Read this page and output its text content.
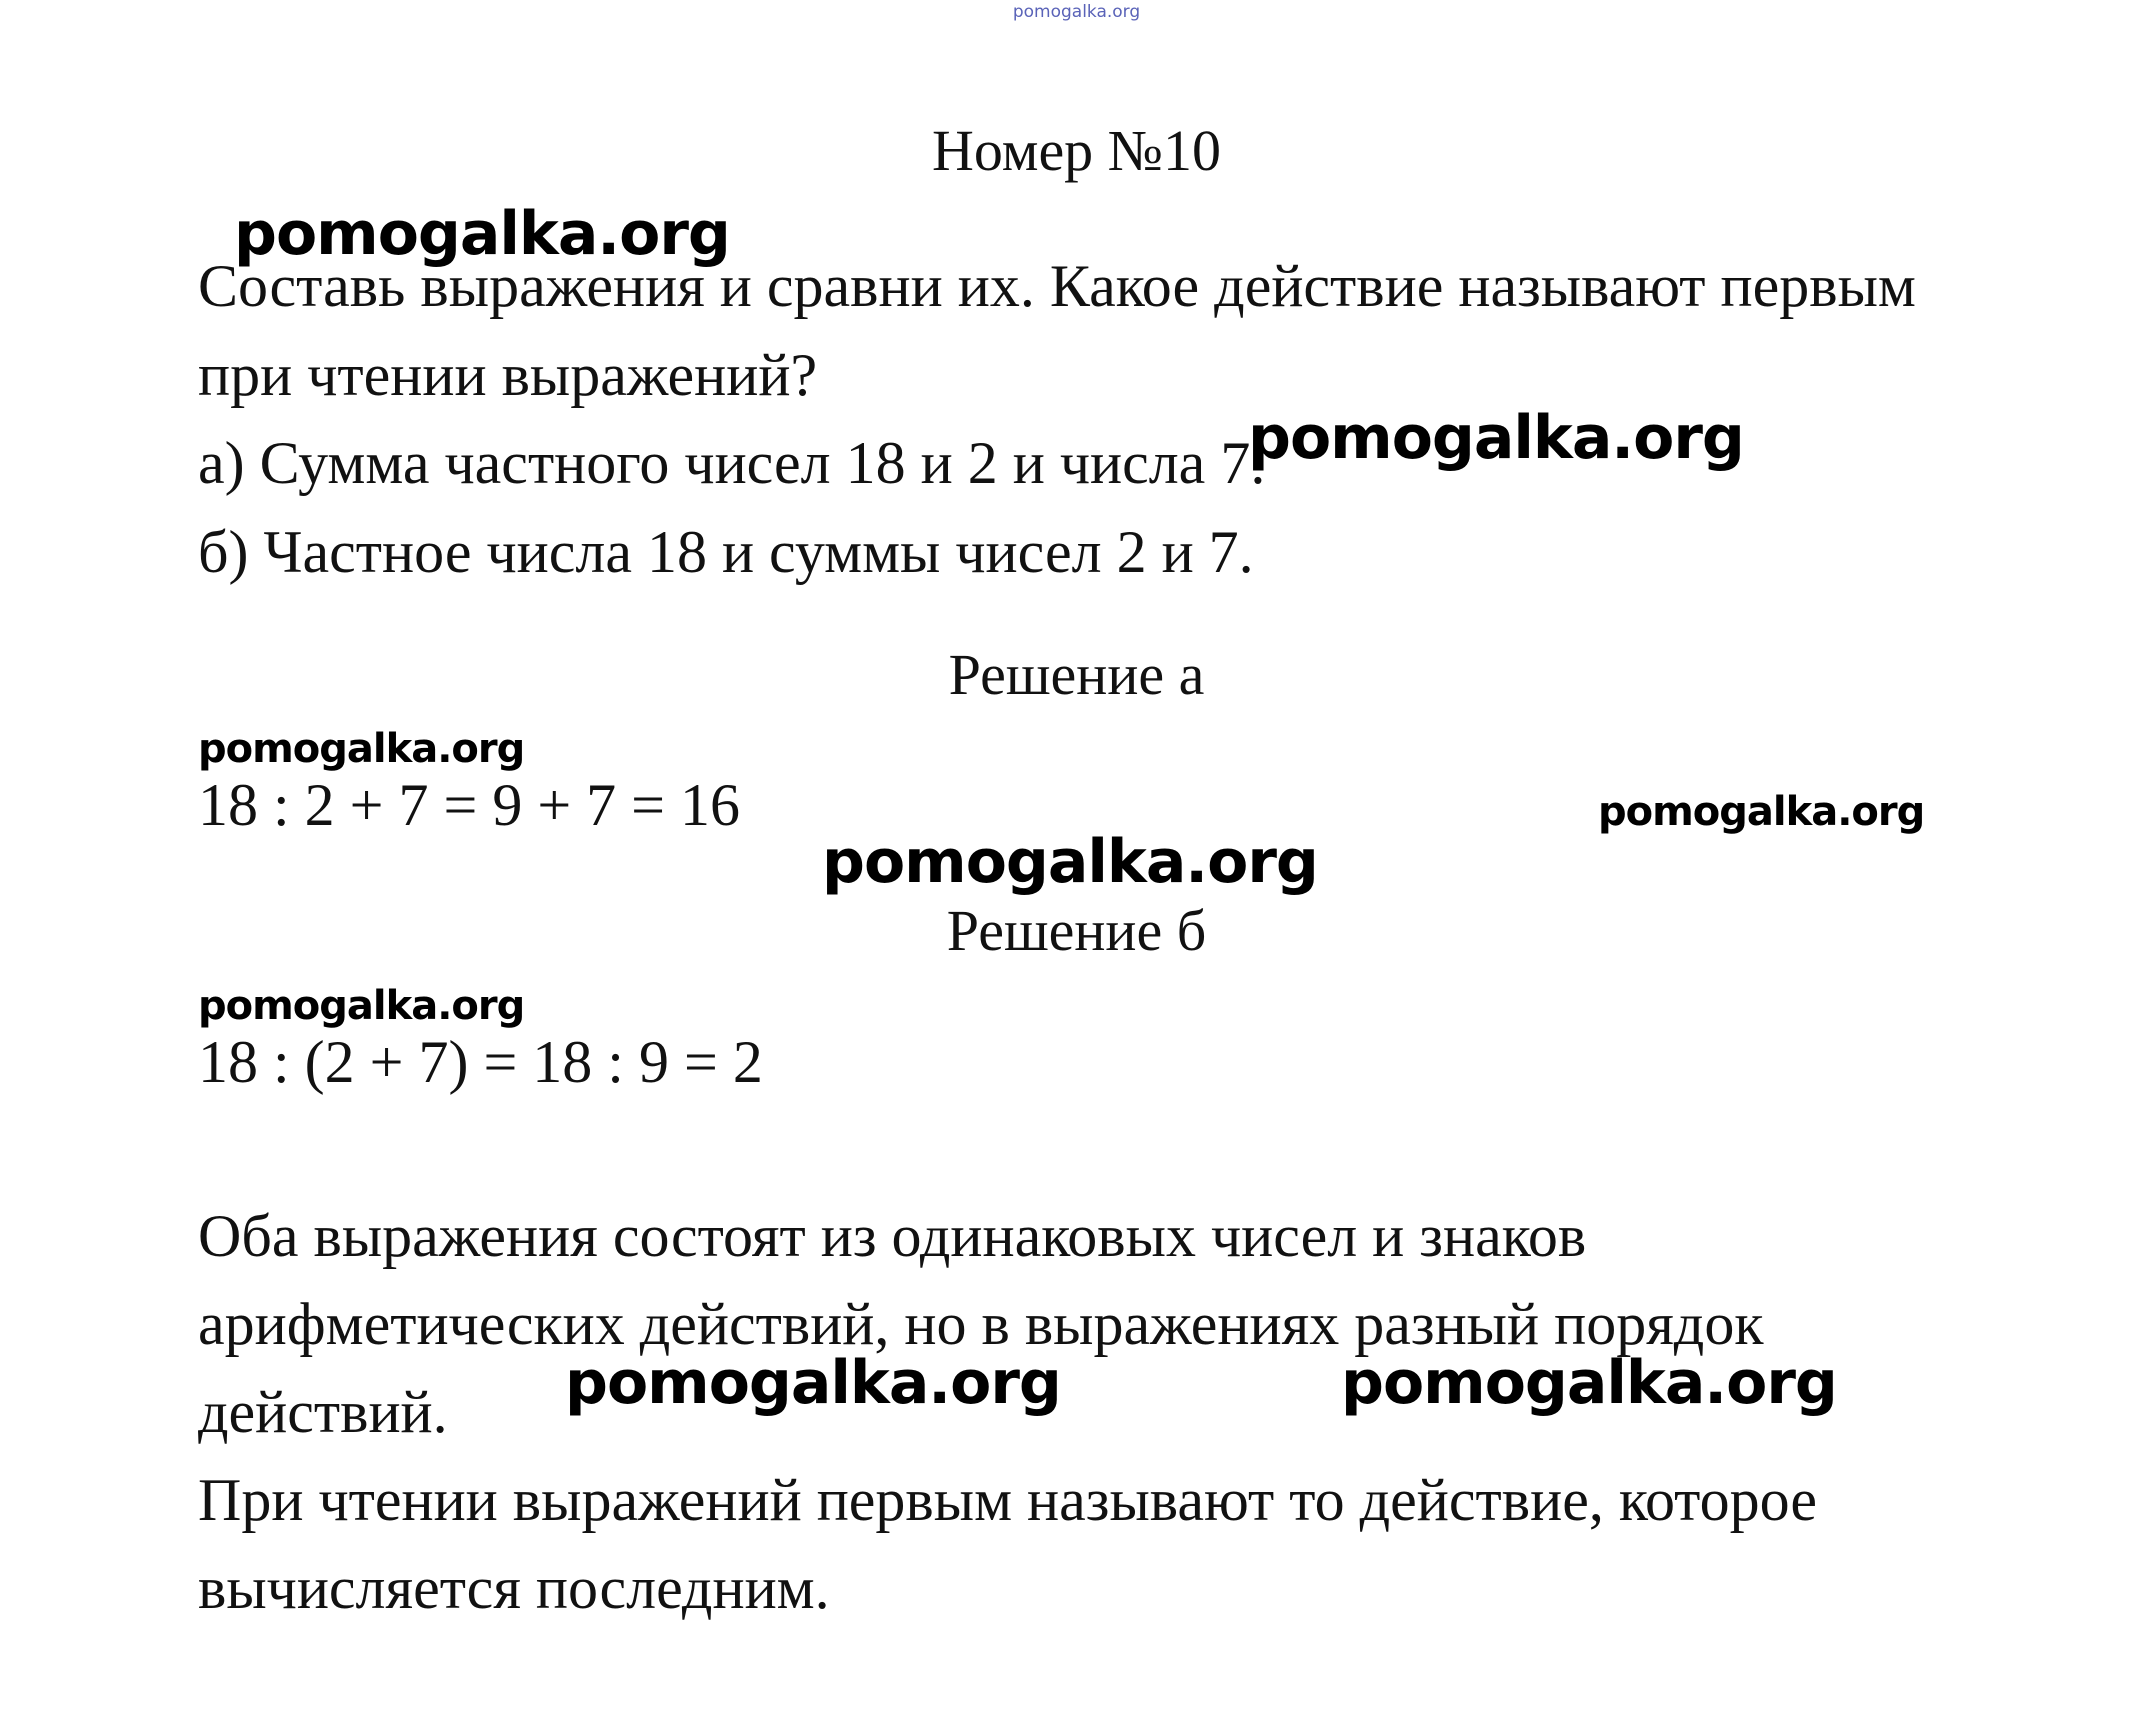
pomogalka.org
Номер №10
Составь выражения и сравни их. Какое действие называют первым
при чтении выражений?
а) Сумма частного чисел 18 и 2 и числа 7.
б) Частное числа 18 и суммы чисел 2 и 7.
Решение а
18 : 2 + 7 = 9 + 7 = 16
Решение б
18 : (2 + 7) = 18 : 9 = 2
Оба выражения состоят из одинаковых чисел и знаков
арифметических действий, но в выражениях разный порядок
действий.
При чтении выражений первым называют то действие, которое
вычисляется последним.
pomogalka.org
pomogalka.org
pomogalka.org
pomogalka.org
pomogalka.org
pomogalka.org
pomogalka.org	pomogalka.org
